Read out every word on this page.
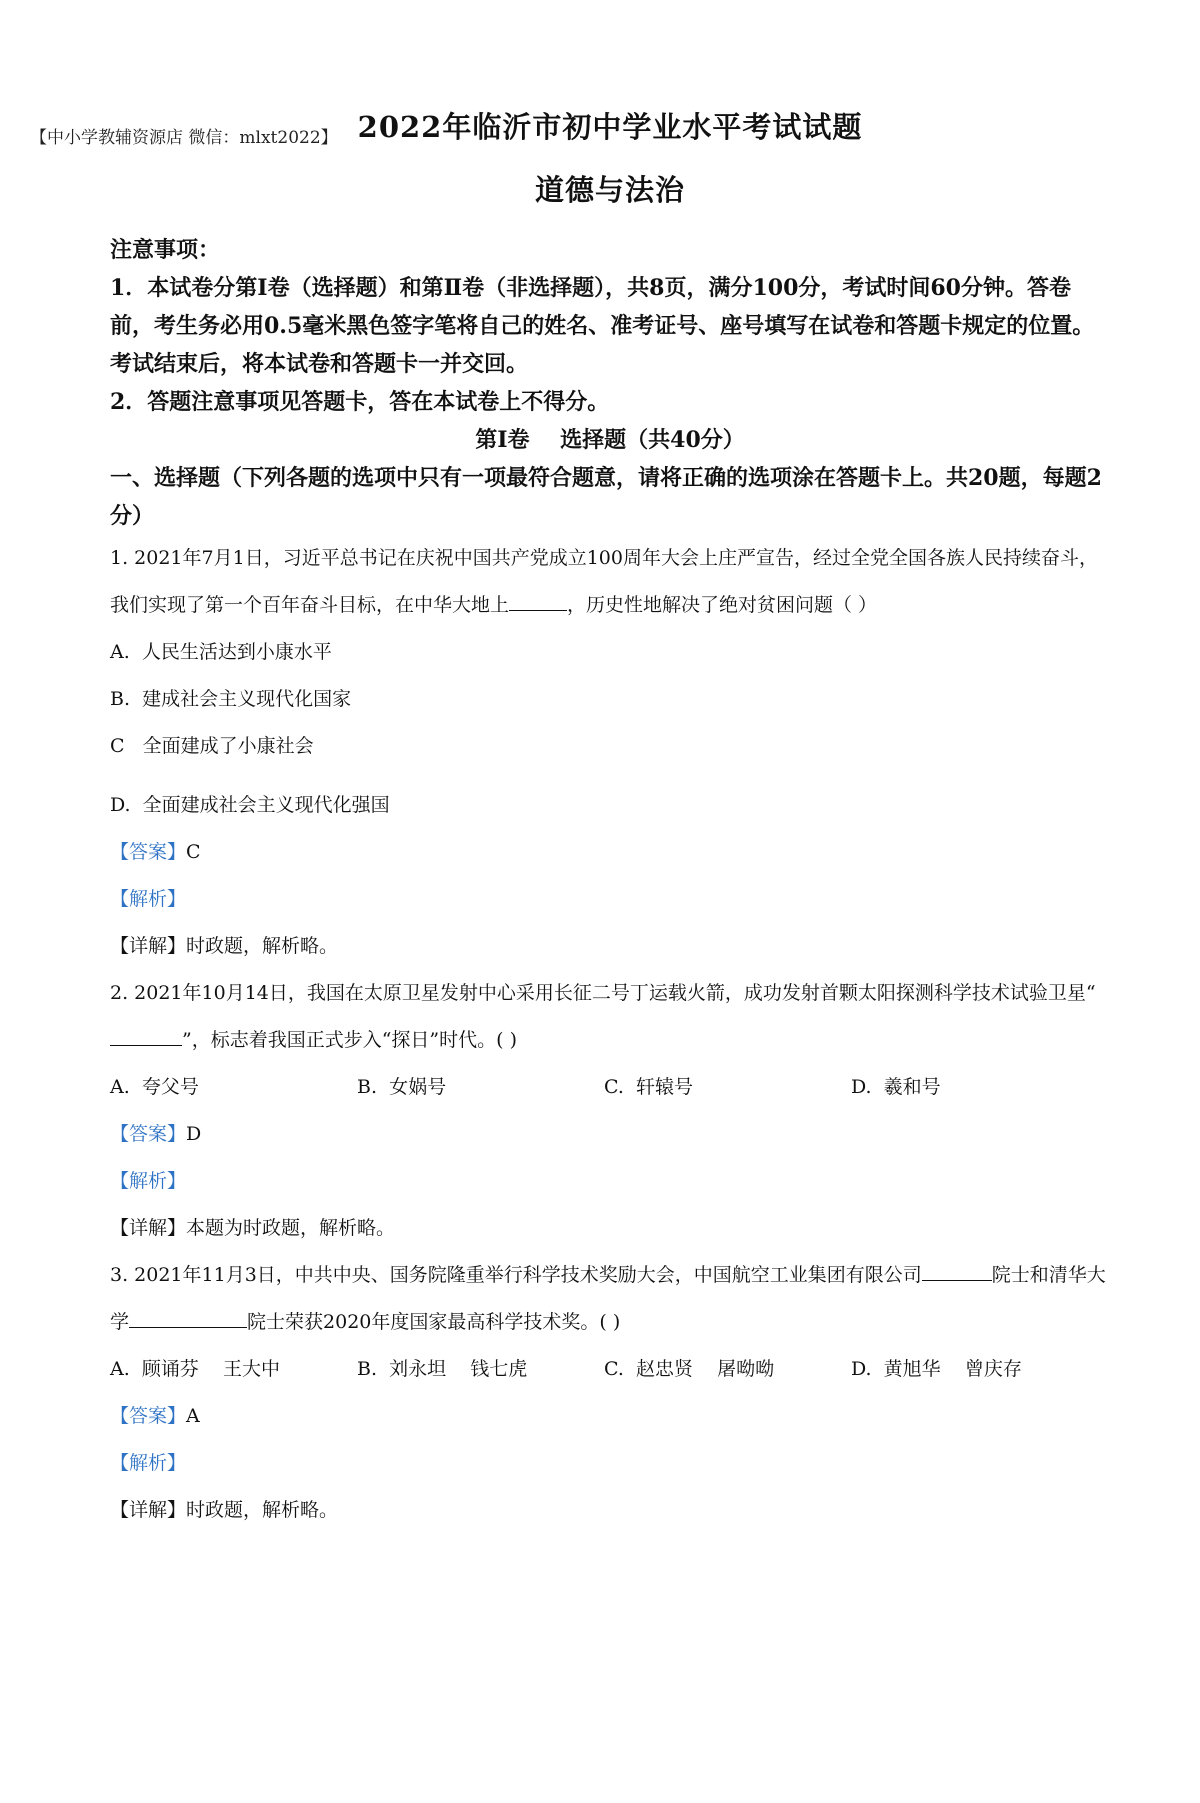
【中小学教辅资源店 微信：mlxt2022】 2022年临沂市初中学业水平考试试题
道德与法治
注意事项：
1．本试卷分第Ⅰ卷（选择题）和第Ⅱ卷（非选择题），共8页，满分100分，考试时间60分钟。答卷前，考生务必用0.5毫米黑色签字笔将自己的姓名、准考证号、座号填写在试卷和答题卡规定的位置。考试结束后，将本试卷和答题卡一并交回。
2．答题注意事项见答题卡，答在本试卷上不得分。
第Ⅰ卷    选择题（共40分）
一、选择题（下列各题的选项中只有一项最符合题意，请将正确的选项涂在答题卡上。共20题，每题2分）
1. 2021年7月1日，习近平总书记在庆祝中国共产党成立100周年大会上庄严宣告，经过全党全国各族人民持续奋斗，我们实现了第一个百年奋斗目标，在中华大地上	，历史性地解决了绝对贫困问题（ ）
A.  人民生活达到小康水平
B.  建成社会主义现代化国家
C   全面建成了小康社会
D.  全面建成社会主义现代化强国
【答案】C
【解析】
【详解】时政题，解析略。
2. 2021年10月14日，我国在太原卫星发射中心采用长征二号丁运载火箭，成功发射首颗太阳探测科学技术试验卫星“”，标志着我国正式步入“探日”时代。( )
A.  夸父号	B.  女娲号	C.  轩辕号	D.  羲和号
【答案】D
【解析】
【详解】本题为时政题，解析略。
3. 2021年11月3日，中共中央、国务院隆重举行科学技术奖励大会，中国航空工业集团有限公司	院士和清华大学	院士荣获2020年度国家最高科学技术奖。( )
A.  顾诵芬    王大中	B.  刘永坦    钱七虎	C.  赵忠贤    屠呦呦	D.  黄旭华    曾庆存
【答案】A
【解析】
【详解】时政题，解析略。
